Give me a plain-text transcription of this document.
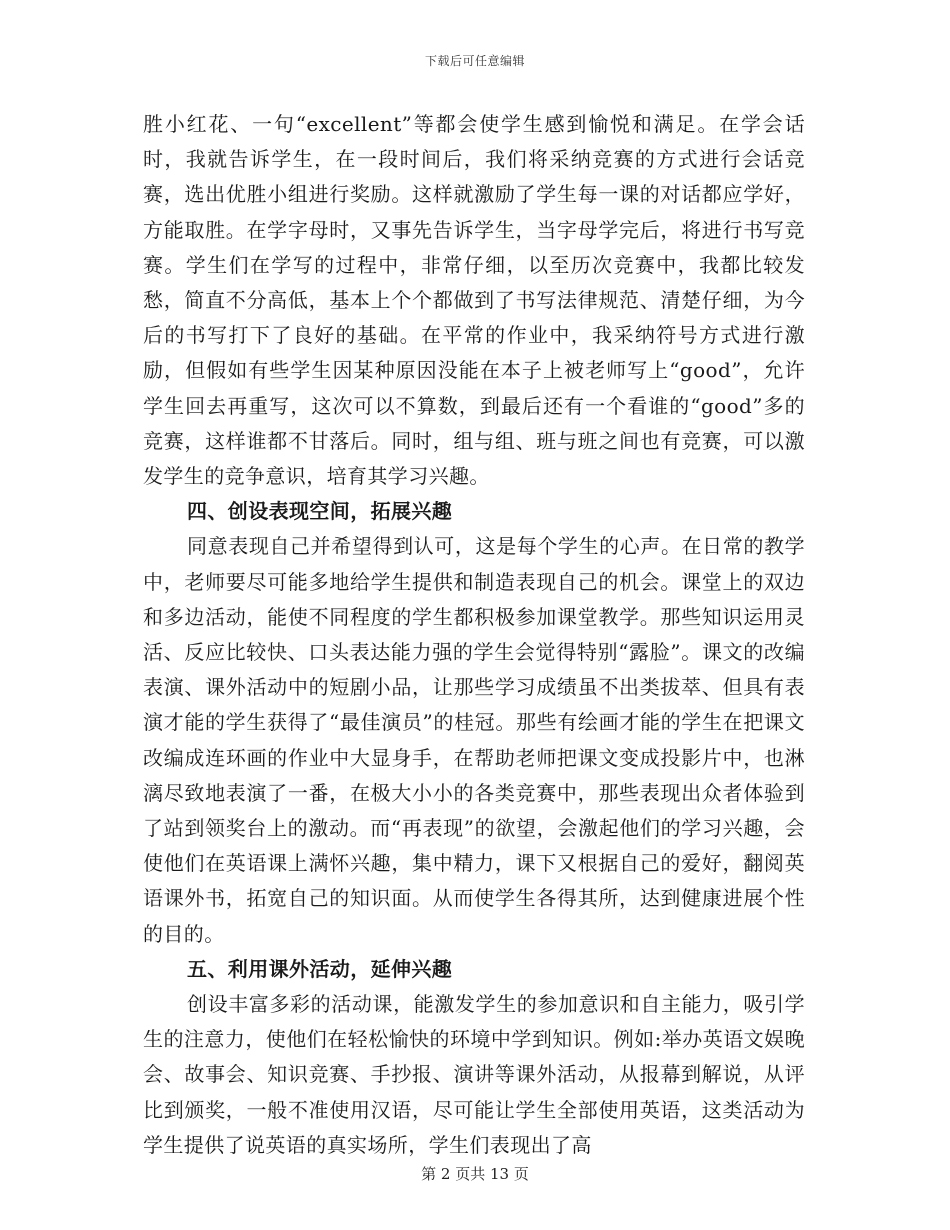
下载后可任意编辑

胜小红花、一句“excellent”等都会使学生感到愉悦和满足。在学会话时，我就告诉学生，在一段时间后，我们将采纳竞赛的方式进行会话竞赛，选出优胜小组进行奖励。这样就激励了学生每一课的对话都应学好，方能取胜。在学字母时，又事先告诉学生，当字母学完后，将进行书写竞赛。学生们在学写的过程中，非常仔细，以至历次竞赛中，我都比较发愁，简直不分高低，基本上个个都做到了书写法律规范、清楚仔细，为今后的书写打下了良好的基础。在平常的作业中，我采纳符号方式进行激励，但假如有些学生因某种原因没能在本子上被老师写上“good”，允许学生回去再重写，这次可以不算数，到最后还有一个看谁的“good”多的竞赛，这样谁都不甘落后。同时，组与组、班与班之间也有竞赛，可以激发学生的竞争意识，培育其学习兴趣。

四、创设表现空间，拓展兴趣

同意表现自己并希望得到认可，这是每个学生的心声。在日常的教学中，老师要尽可能多地给学生提供和制造表现自己的机会。课堂上的双边和多边活动，能使不同程度的学生都积极参加课堂教学。那些知识运用灵活、反应比较快、口头表达能力强的学生会觉得特别“露脸”。课文的改编表演、课外活动中的短剧小品，让那些学习成绩虽不出类拔萃、但具有表演才能的学生获得了“最佳演员”的桂冠。那些有绘画才能的学生在把课文改编成连环画的作业中大显身手，在帮助老师把课文变成投影片中，也淋漓尽致地表演了一番，在极大小小的各类竞赛中，那些表现出众者体验到了站到领奖台上的激动。而“再表现”的欲望，会激起他们的学习兴趣，会使他们在英语课上满怀兴趣，集中精力，课下又根据自己的爱好，翻阅英语课外书，拓宽自己的知识面。从而使学生各得其所，达到健康进展个性的目的。

五、利用课外活动，延伸兴趣

创设丰富多彩的活动课，能激发学生的参加意识和自主能力，吸引学生的注意力，使他们在轻松愉快的环境中学到知识。例如:举办英语文娱晚会、故事会、知识竞赛、手抄报、演讲等课外活动，从报幕到解说，从评比到颁奖，一般不准使用汉语，尽可能让学生全部使用英语，这类活动为学生提供了说英语的真实场所，学生们表现出了高

第 2 页共 13 页
